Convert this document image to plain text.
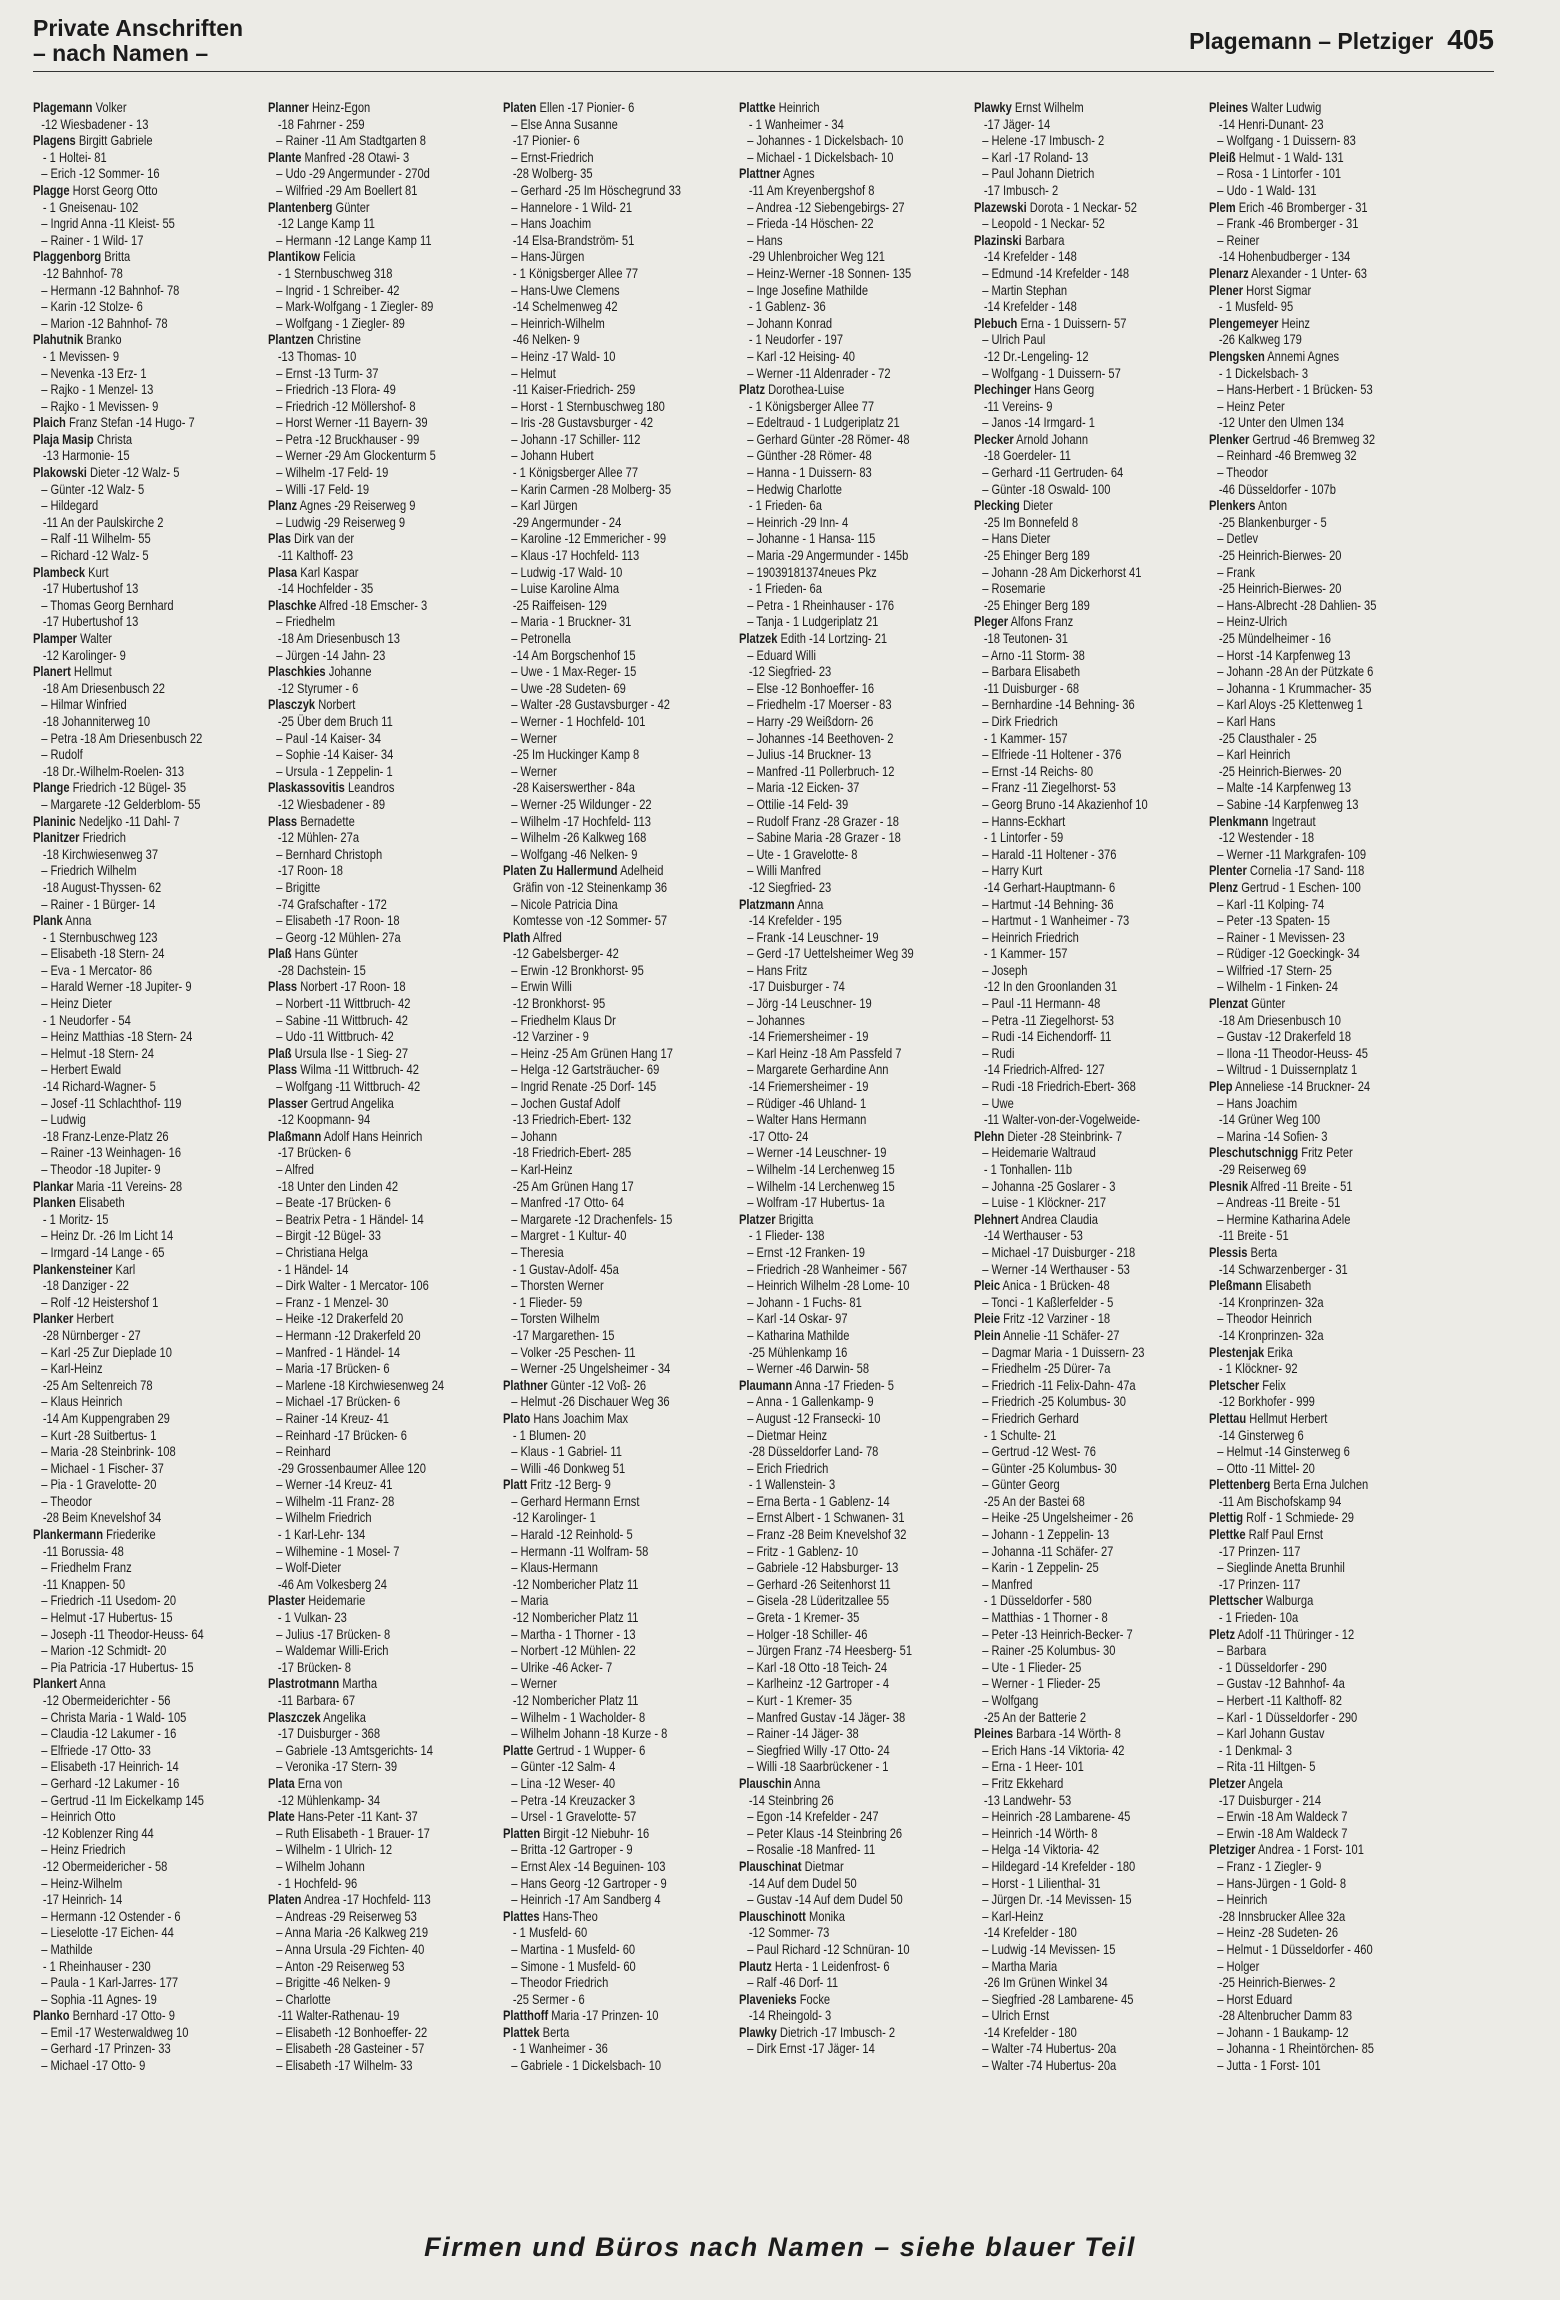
Private Anschriften
– nach Namen –	Plagemann – Pletziger 405
Plagemann Volker
-12 Wiesbadener - 13
Plagens Birgitt Gabriele
- 1 Holtei- 81
– Erich -12 Sommer- 16
Plagge Horst Georg Otto
- 1 Gneisenau- 102
– Ingrid Anna -11 Kleist- 55
– Rainer - 1 Wild- 17
Plaggenborg Britta
-12 Bahnhof- 78
– Hermann -12 Bahnhof- 78
– Karin -12 Stolze- 6
– Marion -12 Bahnhof- 78
Plahutnik Branko
- 1 Mevissen- 9
– Nevenka -13 Erz- 1
– Rajko - 1 Menzel- 13
– Rajko - 1 Mevissen- 9
Plaich Franz Stefan -14 Hugo- 7
Plaja Masip Christa
-13 Harmonie- 15
Plakowski Dieter -12 Walz- 5
– Günter -12 Walz- 5
– Hildegard
-11 An der Paulskirche 2
– Ralf -11 Wilhelm- 55
– Richard -12 Walz- 5
Plambeck Kurt
-17 Hubertushof 13
– Thomas Georg Bernhard
-17 Hubertushof 13
Plamper Walter
-12 Karolinger- 9
Planert Hellmut
-18 Am Driesenbusch 22
– Hilmar Winfried
-18 Johanniterweg 10
– Petra -18 Am Driesenbusch 22
– Rudolf
-18 Dr.-Wilhelm-Roelen- 313
Plange Friedrich -12 Bügel- 35
– Margarete -12 Gelderblom- 55
Planinic Nedeljko -11 Dahl- 7
Planitzer Friedrich
-18 Kirchwiesenweg 37
– Friedrich Wilhelm
-18 August-Thyssen- 62
– Rainer - 1 Bürger- 14
Plank Anna
- 1 Sternbuschweg 123
– Elisabeth -18 Stern- 24
– Eva - 1 Mercator- 86
– Harald Werner -18 Jupiter- 9
– Heinz Dieter
- 1 Neudorfer - 54
– Heinz Matthias -18 Stern- 24
– Helmut -18 Stern- 24
– Herbert Ewald
-14 Richard-Wagner- 5
– Josef -11 Schlachthof- 119
– Ludwig
-18 Franz-Lenze-Platz 26
– Rainer -13 Weinhagen- 16
– Theodor -18 Jupiter- 9
Plankar Maria -11 Vereins- 28
Planken Elisabeth
- 1 Moritz- 15
– Heinz Dr. -26 Im Licht 14
– Irmgard -14 Lange - 65
Plankensteiner Karl
-18 Danziger - 22
– Rolf -12 Heistershof 1
Planker Herbert
-28 Nürnberger - 27
– Karl -25 Zur Dieplade 10
– Karl-Heinz
-25 Am Seltenreich 78
– Klaus Heinrich
-14 Am Kuppengraben 29
– Kurt -28 Suitbertus- 1
– Maria -28 Steinbrink- 108
– Michael - 1 Fischer- 37
– Pia - 1 Gravelotte- 20
– Theodor
-28 Beim Knevelshof 34
Plankermann Friederike
-11 Borussia- 48
– Friedhelm Franz
-11 Knappen- 50
– Friedrich -11 Usedom- 20
– Helmut -17 Hubertus- 15
– Joseph -11 Theodor-Heuss- 64
– Marion -12 Schmidt- 20
– Pia Patricia -17 Hubertus- 15
Plankert Anna
-12 Obermeiderichter - 56
– Christa Maria - 1 Wald- 105
– Claudia -12 Lakumer - 16
– Elfriede -17 Otto- 33
– Elisabeth -17 Heinrich- 14
– Gerhard -12 Lakumer - 16
– Gertrud -11 Im Eickelkamp 145
– Heinrich Otto
-12 Koblenzer Ring 44
– Heinz Friedrich
-12 Obermeidericher - 58
– Heinz-Wilhelm
-17 Heinrich- 14
– Hermann -12 Ostender - 6
– Lieselotte -17 Eichen- 44
– Mathilde
- 1 Rheinhauser - 230
– Paula - 1 Karl-Jarres- 177
– Sophia -11 Agnes- 19
Planko Bernhard -17 Otto- 9
– Emil -17 Westerwaldweg 10
– Gerhard -17 Prinzen- 33
– Michael -17 Otto- 9
Planner Heinz-Egon
-18 Fahrner - 259
– Rainer -11 Am Stadtgarten 8
Plante Manfred -28 Otawi- 3
– Udo -29 Angermunder - 270d
– Wilfried -29 Am Boellert 81
Plantenberg Günter
-12 Lange Kamp 11
– Hermann -12 Lange Kamp 11
Plantikow Felicia
- 1 Sternbuschweg 318
– Ingrid - 1 Schreiber- 42
– Mark-Wolfgang - 1 Ziegler- 89
– Wolfgang - 1 Ziegler- 89
Plantzen Christine
-13 Thomas- 10
– Ernst -13 Turm- 37
– Friedrich -13 Flora- 49
– Friedrich -12 Möllershof- 8
– Horst Werner -11 Bayern- 39
– Petra -12 Bruckhauser - 99
– Werner -29 Am Glockenturm 5
– Wilhelm -17 Feld- 19
– Willi -17 Feld- 19
Planz Agnes -29 Reiserweg 9
– Ludwig -29 Reiserweg 9
Plas Dirk van der
-11 Kalthoff- 23
Plasa Karl Kaspar
-14 Hochfelder - 35
Plaschke Alfred -18 Emscher- 3
– Friedhelm
-18 Am Driesenbusch 13
– Jürgen -14 Jahn- 23
Plaschkies Johanne
-12 Styrumer - 6
Plasczyk Norbert
-25 Über dem Bruch 11
– Paul -14 Kaiser- 34
– Sophie -14 Kaiser- 34
– Ursula - 1 Zeppelin- 1
Plaskassovitis Leandros
-12 Wiesbadener - 89
Plass Bernadette
-12 Mühlen- 27a
– Bernhard Christoph
-17 Roon- 18
– Brigitte
-74 Grafschafter - 172
– Elisabeth -17 Roon- 18
– Georg -12 Mühlen- 27a
Plaß Hans Günter
-28 Dachstein- 15
Plass Norbert -17 Roon- 18
– Norbert -11 Wittbruch- 42
– Sabine -11 Wittbruch- 42
– Udo -11 Wittbruch- 42
Plaß Ursula Ilse - 1 Sieg- 27
Plass Wilma -11 Wittbruch- 42
– Wolfgang -11 Wittbruch- 42
Plasser Gertrud Angelika
-12 Koopmann- 94
Plaßmann Adolf Hans Heinrich
-17 Brücken- 6
– Alfred
-18 Unter den Linden 42
– Beate -17 Brücken- 6
– Beatrix Petra - 1 Händel- 14
– Birgit -12 Bügel- 33
– Christiana Helga
- 1 Händel- 14
– Dirk Walter - 1 Mercator- 106
– Franz - 1 Menzel- 30
– Heike -12 Drakerfeld 20
– Hermann -12 Drakerfeld 20
– Manfred - 1 Händel- 14
– Maria -17 Brücken- 6
– Marlene -18 Kirchwiesenweg 24
– Michael -17 Brücken- 6
– Rainer -14 Kreuz- 41
– Reinhard -17 Brücken- 6
– Reinhard
-29 Grossenbaumer Allee 120
– Werner -14 Kreuz- 41
– Wilhelm -11 Franz- 28
– Wilhelm Friedrich
- 1 Karl-Lehr- 134
– Wilhemine - 1 Mosel- 7
– Wolf-Dieter
-46 Am Volkesberg 24
Plaster Heidemarie
- 1 Vulkan- 23
– Julius -17 Brücken- 8
– Waldemar Willi-Erich
-17 Brücken- 8
Plastrotmann Martha
-11 Barbara- 67
Plaszczek Angelika
-17 Duisburger - 368
– Gabriele -13 Amtsgerichts- 14
– Veronika -17 Stern- 39
Plata Erna von
-12 Mühlenkamp- 34
Plate Hans-Peter -11 Kant- 37
– Ruth Elisabeth - 1 Brauer- 17
– Wilhelm - 1 Ulrich- 12
– Wilhelm Johann
- 1 Hochfeld- 96
Platen Andrea -17 Hochfeld- 113
– Andreas -29 Reiserweg 53
– Anna Maria -26 Kalkweg 219
– Anna Ursula -29 Fichten- 40
– Anton -29 Reiserweg 53
– Brigitte -46 Nelken- 9
– Charlotte
-11 Walter-Rathenau- 19
– Elisabeth -12 Bonhoeffer- 22
– Elisabeth -28 Gasteiner - 57
– Elisabeth -17 Wilhelm- 33
Platen Ellen -17 Pionier- 6
– Else Anna Susanne
-17 Pionier- 6
– Ernst-Friedrich
-28 Wolberg- 35
– Gerhard -25 Im Höschegrund 33
– Hannelore - 1 Wild- 21
– Hans Joachim
-14 Elsa-Brandström- 51
– Hans-Jürgen
- 1 Königsberger Allee 77
– Hans-Uwe Clemens
-14 Schelmenweg 42
– Heinrich-Wilhelm
-46 Nelken- 9
– Heinz -17 Wald- 10
– Helmut
-11 Kaiser-Friedrich- 259
– Horst - 1 Sternbuschweg 180
– Iris -28 Gustavsburger - 42
– Johann -17 Schiller- 112
– Johann Hubert
- 1 Königsberger Allee 77
– Karin Carmen -28 Molberg- 35
– Karl Jürgen
-29 Angermunder - 24
– Karoline -12 Emmericher - 99
– Klaus -17 Hochfeld- 113
– Ludwig -17 Wald- 10
– Luise Karoline Alma
-25 Raiffeisen- 129
– Maria - 1 Bruckner- 31
– Petronella
-14 Am Borgschenhof 15
– Uwe - 1 Max-Reger- 15
– Uwe -28 Sudeten- 69
– Walter -28 Gustavsburger - 42
– Werner - 1 Hochfeld- 101
– Werner
-25 Im Huckinger Kamp 8
– Werner
-28 Kaiserswerther - 84a
– Werner -25 Wildunger - 22
– Wilhelm -17 Hochfeld- 113
– Wilhelm -26 Kalkweg 168
– Wolfgang -46 Nelken- 9
Platen Zu Hallermund Adelheid
Gräfin von -12 Steinenkamp 36
– Nicole Patricia Dina
Komtesse von -12 Sommer- 57
Plath Alfred
-12 Gabelsberger- 42
– Erwin -12 Bronkhorst- 95
– Erwin Willi
-12 Bronkhorst- 95
– Friedhelm Klaus Dr
-12 Varziner - 9
– Heinz -25 Am Grünen Hang 17
– Helga -12 Gartsträucher- 69
– Ingrid Renate -25 Dorf- 145
– Jochen Gustaf Adolf
-13 Friedrich-Ebert- 132
– Johann
-18 Friedrich-Ebert- 285
– Karl-Heinz
-25 Am Grünen Hang 17
– Manfred -17 Otto- 64
– Margarete -12 Drachenfels- 15
– Margret - 1 Kultur- 40
– Theresia
- 1 Gustav-Adolf- 45a
– Thorsten Werner
- 1 Flieder- 59
– Torsten Wilhelm
-17 Margarethen- 15
– Volker -25 Peschen- 11
– Werner -25 Ungelsheimer - 34
Plathner Günter -12 Voß- 26
– Helmut -26 Dischauer Weg 36
Plato Hans Joachim Max
- 1 Blumen- 20
– Klaus - 1 Gabriel- 11
– Willi -46 Donkweg 51
Platt Fritz -12 Berg- 9
– Gerhard Hermann Ernst
-12 Karolinger- 1
– Harald -12 Reinhold- 5
– Hermann -11 Wolfram- 58
– Klaus-Hermann
-12 Nombericher Platz 11
– Maria
-12 Nombericher Platz 11
– Martha - 1 Thorner - 13
– Norbert -12 Mühlen- 22
– Ulrike -46 Acker- 7
– Werner
-12 Nombericher Platz 11
– Wilhelm - 1 Wacholder- 8
– Wilhelm Johann -18 Kurze - 8
Platte Gertrud - 1 Wupper- 6
– Günter -12 Salm- 4
– Lina -12 Weser- 40
– Petra -14 Kreuzacker 3
– Ursel - 1 Gravelotte- 57
Platten Birgit -12 Niebuhr- 16
– Britta -12 Gartroper - 9
– Ernst Alex -14 Beguinen- 103
– Hans Georg -12 Gartroper - 9
– Heinrich -17 Am Sandberg 4
Plattes Hans-Theo
- 1 Musfeld- 60
– Martina - 1 Musfeld- 60
– Simone - 1 Musfeld- 60
– Theodor Friedrich
-25 Sermer - 6
Platthoff Maria -17 Prinzen- 10
Plattek Berta
- 1 Wanheimer - 36
– Gabriele - 1 Dickelsbach- 10
Plattke Heinrich
- 1 Wanheimer - 34
– Johannes - 1 Dickelsbach- 10
– Michael - 1 Dickelsbach- 10
Plattner Agnes
-11 Am Kreyenbergshof 8
– Andrea -12 Siebengebirgs- 27
– Frieda -14 Höschen- 22
– Hans
-29 Uhlenbroicher Weg 121
– Heinz-Werner -18 Sonnen- 135
– Inge Josefine Mathilde
- 1 Gablenz- 36
– Johann Konrad
- 1 Neudorfer - 197
– Karl -12 Heising- 40
– Werner -11 Aldenrader - 72
Platz Dorothea-Luise
- 1 Königsberger Allee 77
– Edeltraud - 1 Ludgeriplatz 21
– Gerhard Günter -28 Römer- 48
– Günther -28 Römer- 48
– Hanna - 1 Duissern- 83
– Hedwig Charlotte
- 1 Frieden- 6a
– Heinrich -29 Inn- 4
– Johanne - 1 Hansa- 115
– Maria -29 Angermunder - 145b
– 19039181374neues Pkz
- 1 Frieden- 6a
– Petra - 1 Rheinhauser - 176
– Tanja - 1 Ludgeriplatz 21
Platzek Edith -14 Lortzing- 21
– Eduard Willi
-12 Siegfried- 23
– Else -12 Bonhoeffer- 16
– Friedhelm -17 Moerser - 83
– Harry -29 Weißdorn- 26
– Johannes -14 Beethoven- 2
– Julius -14 Bruckner- 13
– Manfred -11 Pollerbruch- 12
– Maria -12 Eicken- 37
– Ottilie -14 Feld- 39
– Rudolf Franz -28 Grazer - 18
– Sabine Maria -28 Grazer - 18
– Ute - 1 Gravelotte- 8
– Willi Manfred
-12 Siegfried- 23
Platzmann Anna
-14 Krefelder - 195
– Frank -14 Leuschner- 19
– Gerd -17 Uettelsheimer Weg 39
– Hans Fritz
-17 Duisburger - 74
– Jörg -14 Leuschner- 19
– Johannes
-14 Friemersheimer - 19
– Karl Heinz -18 Am Passfeld 7
– Margarete Gerhardine Ann
-14 Friemersheimer - 19
– Rüdiger -46 Uhland- 1
– Walter Hans Hermann
-17 Otto- 24
– Werner -14 Leuschner- 19
– Wilhelm -14 Lerchenweg 15
– Wilhelm -14 Lerchenweg 15
– Wolfram -17 Hubertus- 1a
Platzer Brigitta
- 1 Flieder- 138
– Ernst -12 Franken- 19
– Friedrich -28 Wanheimer - 567
– Heinrich Wilhelm -28 Lome- 10
– Johann - 1 Fuchs- 81
– Karl -14 Oskar- 97
– Katharina Mathilde
-25 Mühlenkamp 16
– Werner -46 Darwin- 58
Plaumann Anna -17 Frieden- 5
– Anna - 1 Gallenkamp- 9
– August -12 Fransecki- 10
– Dietmar Heinz
-28 Düsseldorfer Land- 78
– Erich Friedrich
- 1 Wallenstein- 3
– Erna Berta - 1 Gablenz- 14
– Ernst Albert - 1 Schwanen- 31
– Franz -28 Beim Knevelshof 32
– Fritz - 1 Gablenz- 10
– Gabriele -12 Habsburger- 13
– Gerhard -26 Seitenhorst 11
– Gisela -28 Lüderitzallee 55
– Greta - 1 Kremer- 35
– Holger -18 Schiller- 46
– Jürgen Franz -74 Heesberg- 51
– Karl -18 Otto -18 Teich- 24
– Karlheinz -12 Gartroper - 4
– Kurt - 1 Kremer- 35
– Manfred Gustav -14 Jäger- 38
– Rainer -14 Jäger- 38
– Siegfried Willy -17 Otto- 24
– Willi -18 Saarbrückener - 1
Plauschin Anna
-14 Steinbring 26
– Egon -14 Krefelder - 247
– Peter Klaus -14 Steinbring 26
– Rosalie -18 Manfred- 11
Plauschinat Dietmar
-14 Auf dem Dudel 50
– Gustav -14 Auf dem Dudel 50
Plauschinott Monika
-12 Sommer- 73
– Paul Richard -12 Schnüran- 10
Plautz Herta - 1 Leidenfrost- 6
– Ralf -46 Dorf- 11
Plavenieks Focke
-14 Rheingold- 3
Plawky Dietrich -17 Imbusch- 2
– Dirk Ernst -17 Jäger- 14
Plawky Ernst Wilhelm
-17 Jäger- 14
– Helene -17 Imbusch- 2
– Karl -17 Roland- 13
– Paul Johann Dietrich
-17 Imbusch- 2
Plazewski Dorota - 1 Neckar- 52
– Leopold - 1 Neckar- 52
Plazinski Barbara
-14 Krefelder - 148
– Edmund -14 Krefelder - 148
– Martin Stephan
-14 Krefelder - 148
Plebuch Erna - 1 Duissern- 57
– Ulrich Paul
-12 Dr.-Lengeling- 12
– Wolfgang - 1 Duissern- 57
Plechinger Hans Georg
-11 Vereins- 9
– Janos -14 Irmgard- 1
Plecker Arnold Johann
-18 Goerdeler- 11
– Gerhard -11 Gertruden- 64
– Günter -18 Oswald- 100
Plecking Dieter
-25 Im Bonnefeld 8
– Hans Dieter
-25 Ehinger Berg 189
– Johann -28 Am Dickerhorst 41
– Rosemarie
-25 Ehinger Berg 189
Pleger Alfons Franz
-18 Teutonen- 31
– Arno -11 Storm- 38
– Barbara Elisabeth
-11 Duisburger - 68
– Bernhardine -14 Behning- 36
– Dirk Friedrich
- 1 Kammer- 157
– Elfriede -11 Holtener - 376
– Ernst -14 Reichs- 80
– Franz -11 Ziegelhorst- 53
– Georg Bruno -14 Akazienhof 10
– Hanns-Eckhart
- 1 Lintorfer - 59
– Harald -11 Holtener - 376
– Harry Kurt
-14 Gerhart-Hauptmann- 6
– Hartmut -14 Behning- 36
– Hartmut - 1 Wanheimer - 73
– Heinrich Friedrich
- 1 Kammer- 157
– Joseph
-12 In den Groonlanden 31
– Paul -11 Hermann- 48
– Petra -11 Ziegelhorst- 53
– Rudi -14 Eichendorff- 11
– Rudi
-14 Friedrich-Alfred- 127
– Rudi -18 Friedrich-Ebert- 368
– Uwe
-11 Walter-von-der-Vogelweide-
Plehn Dieter -28 Steinbrink- 7
– Heidemarie Waltraud
- 1 Tonhallen- 11b
– Johanna -25 Goslarer - 3
– Luise - 1 Klöckner- 217
Plehnert Andrea Claudia
-14 Werthauser - 53
– Michael -17 Duisburger - 218
– Werner -14 Werthauser - 53
Pleic Anica - 1 Brücken- 48
– Tonci - 1 Kaßlerfelder - 5
Pleie Fritz -12 Varziner - 18
Plein Annelie -11 Schäfer- 27
– Dagmar Maria - 1 Duissern- 23
– Friedhelm -25 Dürer- 7a
– Friedrich -11 Felix-Dahn- 47a
– Friedrich -25 Kolumbus- 30
– Friedrich Gerhard
- 1 Schulte- 21
– Gertrud -12 West- 76
– Günter -25 Kolumbus- 30
– Günter Georg
-25 An der Bastei 68
– Heike -25 Ungelsheimer - 26
– Johann - 1 Zeppelin- 13
– Johanna -11 Schäfer- 27
– Karin - 1 Zeppelin- 25
– Manfred
- 1 Düsseldorfer - 580
– Matthias - 1 Thorner - 8
– Peter -13 Heinrich-Becker- 7
– Rainer -25 Kolumbus- 30
– Ute - 1 Flieder- 25
– Werner - 1 Flieder- 25
– Wolfgang
-25 An der Batterie 2
Pleines Barbara -14 Wörth- 8
– Erich Hans -14 Viktoria- 42
– Erna - 1 Heer- 101
– Fritz Ekkehard
-13 Landwehr- 53
– Heinrich -28 Lambarene- 45
– Heinrich -14 Wörth- 8
– Helga -14 Viktoria- 42
– Hildegard -14 Krefelder - 180
– Horst - 1 Lilienthal- 31
– Jürgen Dr. -14 Mevissen- 15
– Karl-Heinz
-14 Krefelder - 180
– Ludwig -14 Mevissen- 15
– Martha Maria
-26 Im Grünen Winkel 34
– Siegfried -28 Lambarene- 45
– Ulrich Ernst
-14 Krefelder - 180
– Walter -74 Hubertus- 20a
– Walter -74 Hubertus- 20a
Pleines Walter Ludwig
-14 Henri-Dunant- 23
– Wolfgang - 1 Duissern- 83
Pleiß Helmut - 1 Wald- 131
– Rosa - 1 Lintorfer - 101
– Udo - 1 Wald- 131
Plem Erich -46 Bromberger - 31
– Frank -46 Bromberger - 31
– Reiner
-14 Hohenbudberger - 134
Plenarz Alexander - 1 Unter- 63
Plener Horst Sigmar
- 1 Musfeld- 95
Plengemeyer Heinz
-26 Kalkweg 179
Plengsken Annemi Agnes
- 1 Dickelsbach- 3
– Hans-Herbert - 1 Brücken- 53
– Heinz Peter
-12 Unter den Ulmen 134
Plenker Gertrud -46 Bremweg 32
– Reinhard -46 Bremweg 32
– Theodor
-46 Düsseldorfer - 107b
Plenkers Anton
-25 Blankenburger - 5
– Detlev
-25 Heinrich-Bierwes- 20
– Frank
-25 Heinrich-Bierwes- 20
– Hans-Albrecht -28 Dahlien- 35
– Heinz-Ulrich
-25 Mündelheimer - 16
– Horst -14 Karpfenweg 13
– Johann -28 An der Pützkate 6
– Johanna - 1 Krummacher- 35
– Karl Aloys -25 Klettenweg 1
– Karl Hans
-25 Clausthaler - 25
– Karl Heinrich
-25 Heinrich-Bierwes- 20
– Malte -14 Karpfenweg 13
– Sabine -14 Karpfenweg 13
Plenkmann Ingetraut
-12 Westender - 18
– Werner -11 Markgrafen- 109
Plenter Cornelia -17 Sand- 118
Plenz Gertrud - 1 Eschen- 100
– Karl -11 Kolping- 74
– Peter -13 Spaten- 15
– Rainer - 1 Mevissen- 23
– Rüdiger -12 Goeckingk- 34
– Wilfried -17 Stern- 25
– Wilhelm - 1 Finken- 24
Plenzat Günter
-18 Am Driesenbusch 10
– Gustav -12 Drakerfeld 18
– Ilona -11 Theodor-Heuss- 45
– Wiltrud - 1 Duissernplatz 1
Plep Anneliese -14 Bruckner- 24
– Hans Joachim
-14 Grüner Weg 100
– Marina -14 Sofien- 3
Pleschutschnigg Fritz Peter
-29 Reiserweg 69
Plesnik Alfred -11 Breite - 51
– Andreas -11 Breite - 51
– Hermine Katharina Adele
-11 Breite - 51
Plessis Berta
-14 Schwarzenberger - 31
Pleßmann Elisabeth
-14 Kronprinzen- 32a
– Theodor Heinrich
-14 Kronprinzen- 32a
Plestenjak Erika
- 1 Klöckner- 92
Pletscher Felix
-12 Borkhofer - 999
Plettau Hellmut Herbert
-14 Ginsterweg 6
– Helmut -14 Ginsterweg 6
– Otto -11 Mittel- 20
Plettenberg Berta Erna Julchen
-11 Am Bischofskamp 94
Plettig Rolf - 1 Schmiede- 29
Plettke Ralf Paul Ernst
-17 Prinzen- 117
– Sieglinde Anetta Brunhil
-17 Prinzen- 117
Plettscher Walburga
- 1 Frieden- 10a
Pletz Adolf -11 Thüringer - 12
– Barbara
- 1 Düsseldorfer - 290
– Gustav -12 Bahnhof- 4a
– Herbert -11 Kalthoff- 82
– Karl - 1 Düsseldorfer - 290
– Karl Johann Gustav
- 1 Denkmal- 3
– Rita -11 Hiltgen- 5
Pletzer Angela
-17 Duisburger - 214
– Erwin -18 Am Waldeck 7
– Erwin -18 Am Waldeck 7
Pletziger Andrea - 1 Forst- 101
– Franz - 1 Ziegler- 9
– Hans-Jürgen - 1 Gold- 8
– Heinrich
-28 Innsbrucker Allee 32a
– Heinz -28 Sudeten- 26
– Helmut - 1 Düsseldorfer - 460
– Holger
-25 Heinrich-Bierwes- 2
– Horst Eduard
-28 Altenbrucher Damm 83
– Johann - 1 Baukamp- 12
– Johanna - 1 Rheintörchen- 85
– Jutta - 1 Forst- 101
Firmen und Büros nach Namen – siehe blauer Teil
